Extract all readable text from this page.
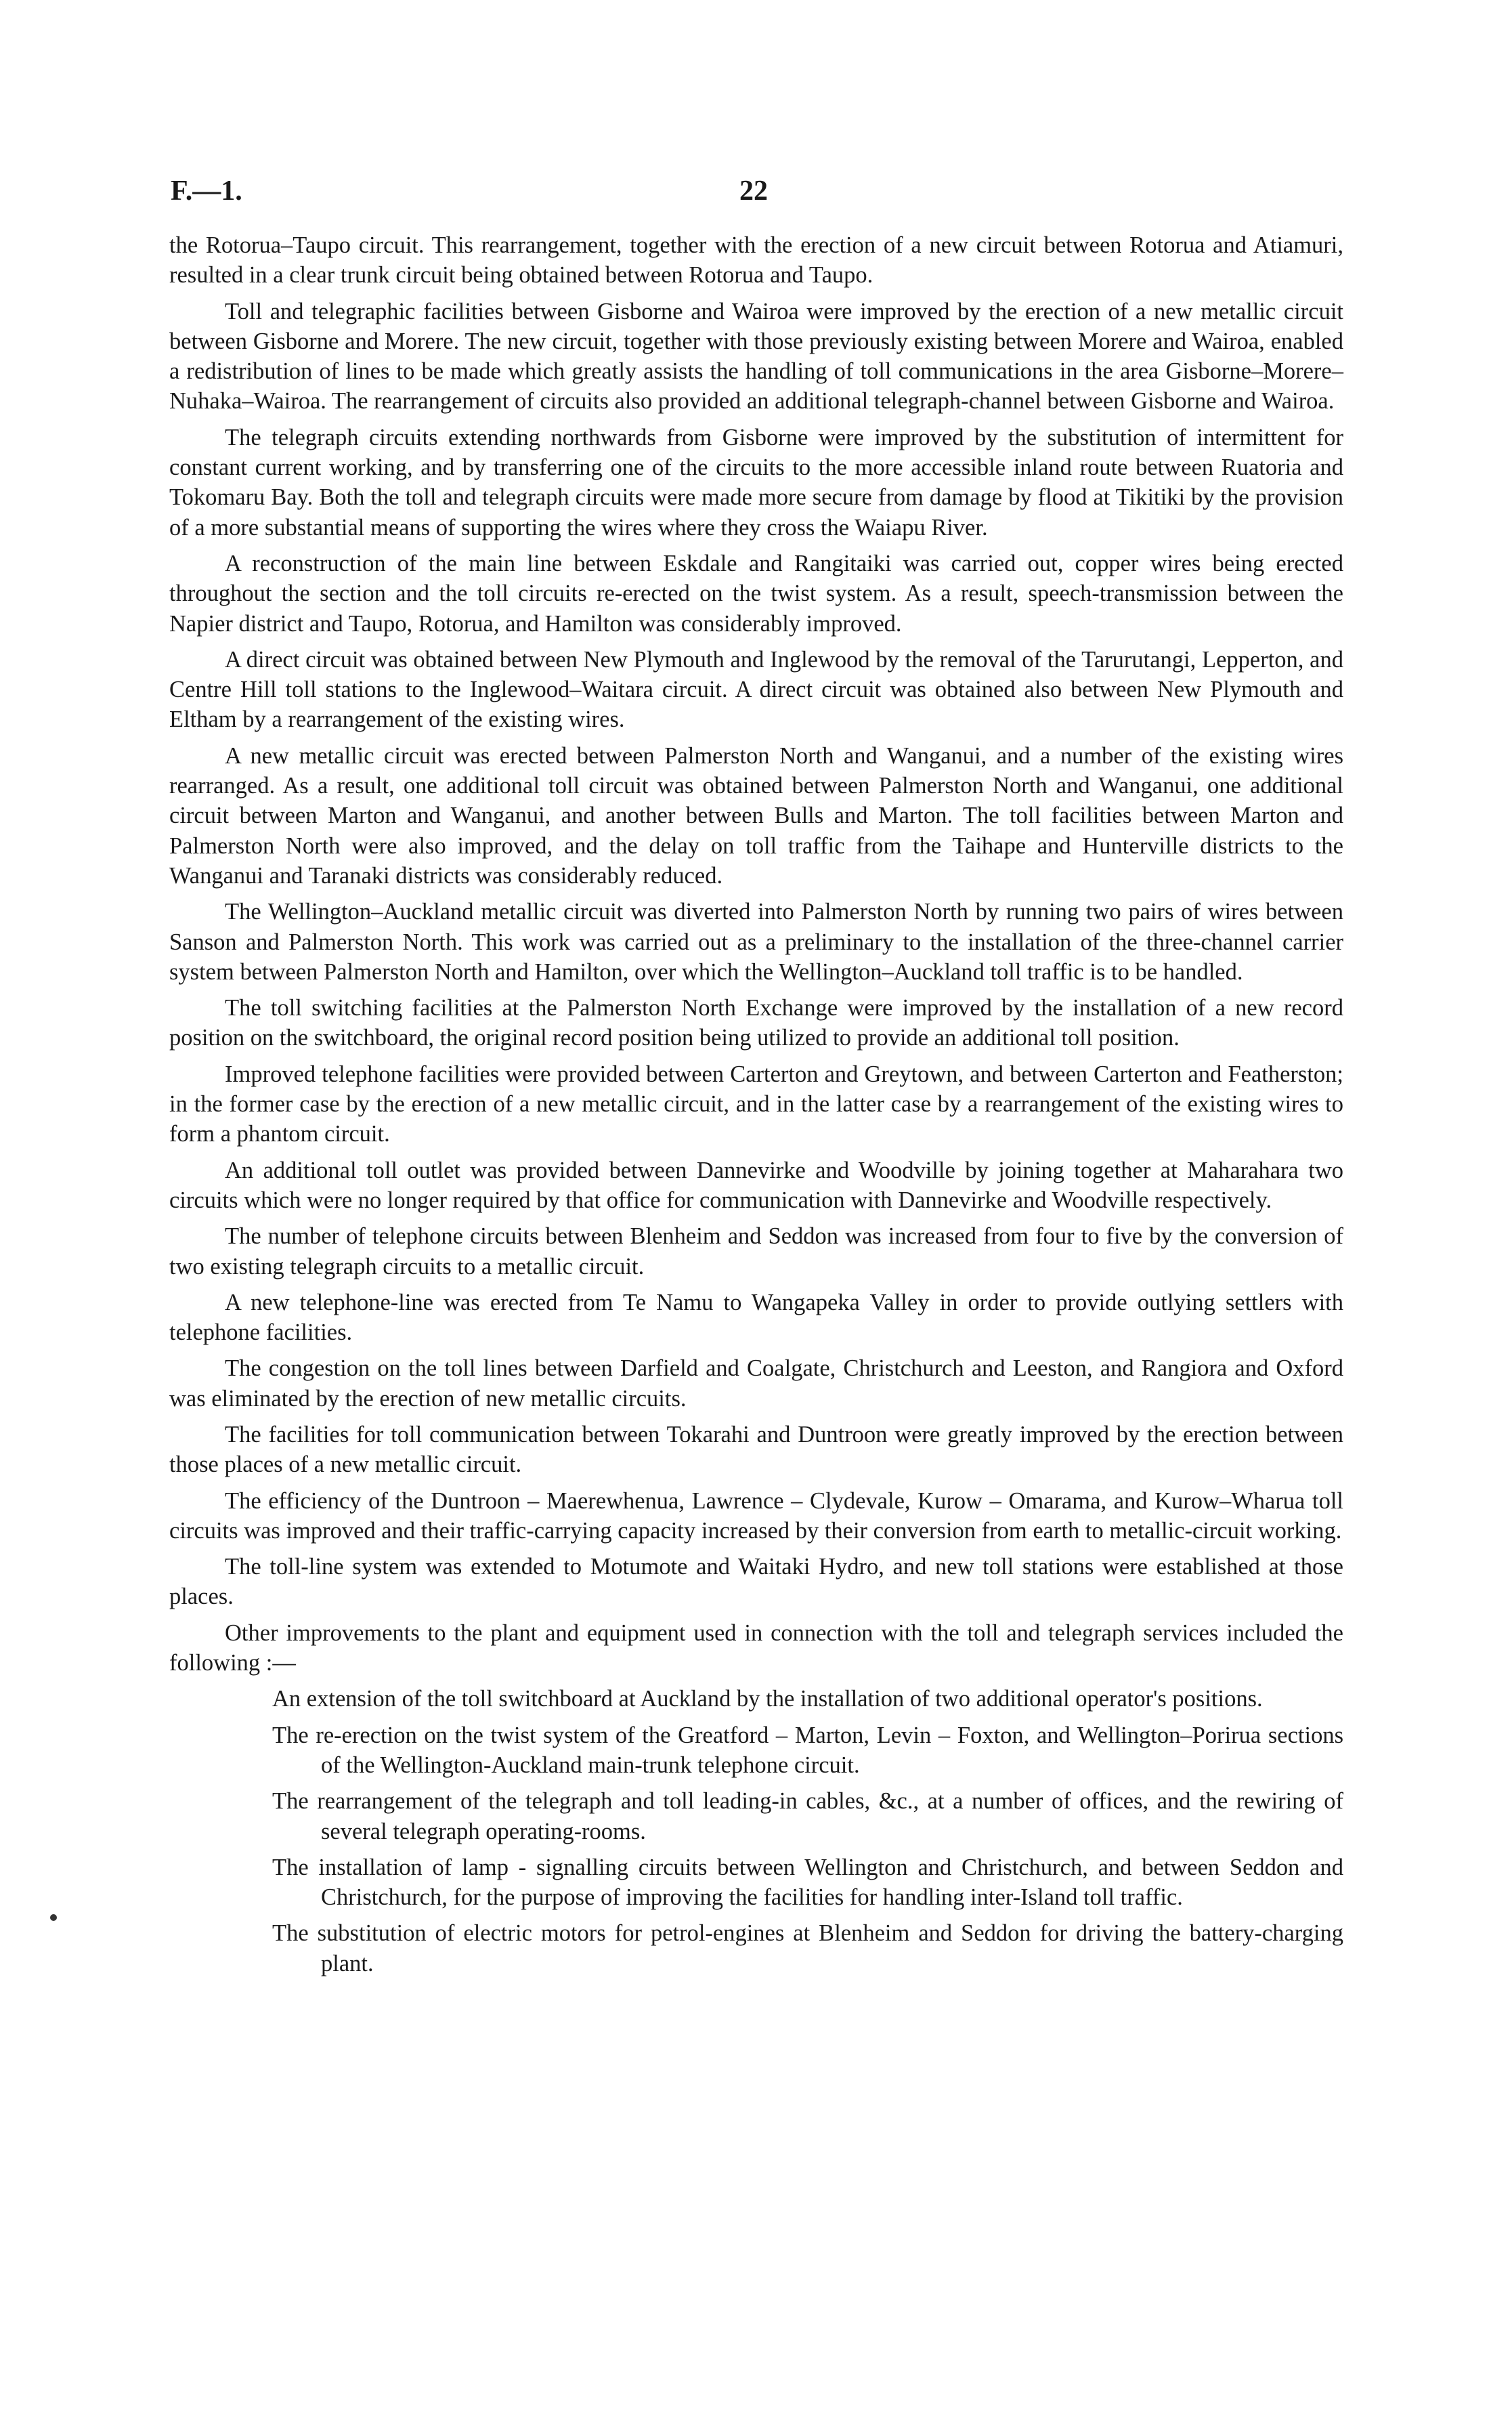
F.—1.	22

the Rotorua–Taupo circuit. This rearrangement, together with the erection of a new circuit between Rotorua and Atiamuri, resulted in a clear trunk circuit being obtained between Rotorua and Taupo.

Toll and telegraphic facilities between Gisborne and Wairoa were improved by the erection of a new metallic circuit between Gisborne and Morere. The new circuit, together with those previously existing between Morere and Wairoa, enabled a redistribution of lines to be made which greatly assists the handling of toll communications in the area Gisborne–Morere–Nuhaka–Wairoa. The rearrangement of circuits also provided an additional telegraph-channel between Gisborne and Wairoa.

The telegraph circuits extending northwards from Gisborne were improved by the substitution of intermittent for constant current working, and by transferring one of the circuits to the more accessible inland route between Ruatoria and Tokomaru Bay. Both the toll and telegraph circuits were made more secure from damage by flood at Tikitiki by the provision of a more substantial means of supporting the wires where they cross the Waiapu River.

A reconstruction of the main line between Eskdale and Rangitaiki was carried out, copper wires being erected throughout the section and the toll circuits re-erected on the twist system. As a result, speech-transmission between the Napier district and Taupo, Rotorua, and Hamilton was considerably improved.

A direct circuit was obtained between New Plymouth and Inglewood by the removal of the Tarurutangi, Lepperton, and Centre Hill toll stations to the Inglewood–Waitara circuit. A direct circuit was obtained also between New Plymouth and Eltham by a rearrangement of the existing wires.

A new metallic circuit was erected between Palmerston North and Wanganui, and a number of the existing wires rearranged. As a result, one additional toll circuit was obtained between Palmerston North and Wanganui, one additional circuit between Marton and Wanganui, and another between Bulls and Marton. The toll facilities between Marton and Palmerston North were also improved, and the delay on toll traffic from the Taihape and Hunterville districts to the Wanganui and Taranaki districts was considerably reduced.

The Wellington–Auckland metallic circuit was diverted into Palmerston North by running two pairs of wires between Sanson and Palmerston North. This work was carried out as a preliminary to the installation of the three-channel carrier system between Palmerston North and Hamilton, over which the Wellington–Auckland toll traffic is to be handled.

The toll switching facilities at the Palmerston North Exchange were improved by the installation of a new record position on the switchboard, the original record position being utilized to provide an additional toll position.

Improved telephone facilities were provided between Carterton and Greytown, and between Carterton and Featherston; in the former case by the erection of a new metallic circuit, and in the latter case by a rearrangement of the existing wires to form a phantom circuit.

An additional toll outlet was provided between Dannevirke and Woodville by joining together at Maharahara two circuits which were no longer required by that office for communication with Dannevirke and Woodville respectively.

The number of telephone circuits between Blenheim and Seddon was increased from four to five by the conversion of two existing telegraph circuits to a metallic circuit.

A new telephone-line was erected from Te Namu to Wangapeka Valley in order to provide outlying settlers with telephone facilities.

The congestion on the toll lines between Darfield and Coalgate, Christchurch and Leeston, and Rangiora and Oxford was eliminated by the erection of new metallic circuits.

The facilities for toll communication between Tokarahi and Duntroon were greatly improved by the erection between those places of a new metallic circuit.

The efficiency of the Duntroon – Maerewhenua, Lawrence – Clydevale, Kurow – Omarama, and Kurow–Wharua toll circuits was improved and their traffic-carrying capacity increased by their conversion from earth to metallic-circuit working.

The toll-line system was extended to Motumote and Waitaki Hydro, and new toll stations were established at those places.

Other improvements to the plant and equipment used in connection with the toll and telegraph services included the following :—

An extension of the toll switchboard at Auckland by the installation of two additional operator's positions.
The re-erection on the twist system of the Greatford – Marton, Levin – Foxton, and Wellington–Porirua sections of the Wellington-Auckland main-trunk telephone circuit.
The rearrangement of the telegraph and toll leading-in cables, &c., at a number of offices, and the rewiring of several telegraph operating-rooms.
The installation of lamp - signalling circuits between Wellington and Christchurch, and between Seddon and Christchurch, for the purpose of improving the facilities for handling inter-Island toll traffic.
The substitution of electric motors for petrol-engines at Blenheim and Seddon for driving the battery-charging plant.
